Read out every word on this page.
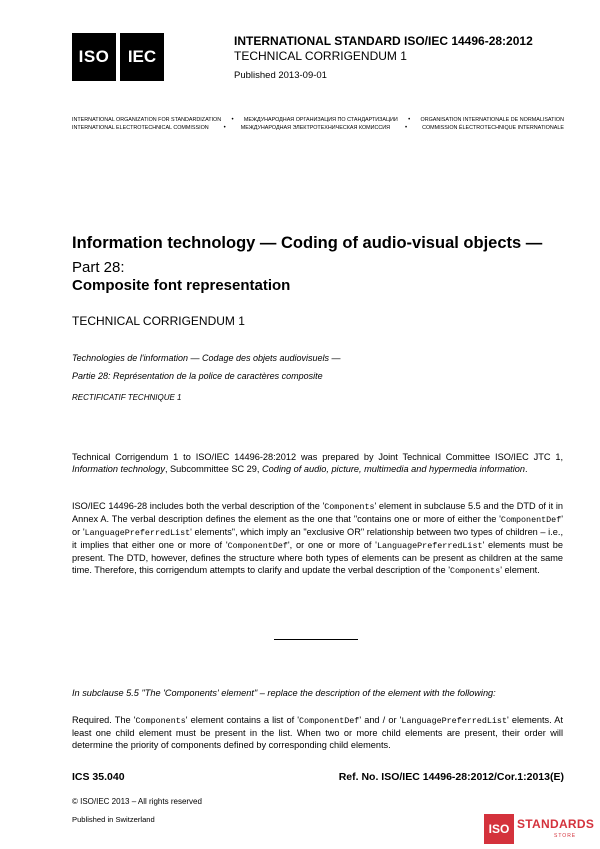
ISO	IEC
INTERNATIONAL STANDARD ISO/IEC 14496-28:2012
TECHNICAL CORRIGENDUM 1
Published 2013-09-01
INTERNATIONAL ORGANIZATION FOR STANDARDIZATION • МЕЖДУНАРОДНАЯ ОРГАНИЗАЦИЯ ПО СТАНДАРТИЗАЦИИ • ORGANISATION INTERNATIONALE DE NORMALISATION
INTERNATIONAL ELECTROTECHNICAL COMMISSION •	МЕЖДУНАРОДНАЯ ЭЛЕКТРОТЕХНИЧЕСКАЯ КОМИССИЯ •	COMMISSION ÉLECTROTECHNIQUE INTERNATIONALE
Information technology — Coding of audio-visual objects —
Part 28:
Composite font representation
TECHNICAL CORRIGENDUM 1
Technologies de l'information — Codage des objets audiovisuels —
Partie 28: Représentation de la police de caractères composite
RECTIFICATIF TECHNIQUE 1
Technical Corrigendum 1 to ISO/IEC 14496-28:2012 was prepared by Joint Technical Committee ISO/IEC JTC 1, Information technology, Subcommittee SC 29, Coding of audio, picture, multimedia and hypermedia information.
ISO/IEC 14496-28 includes both the verbal description of the 'Components' element in subclause 5.5 and the DTD of it in Annex A. The verbal description defines the element as the one that "contains one or more of either the 'ComponentDef' or 'LanguagePreferredList' elements", which imply an "exclusive OR" relationship between two types of children – i.e., it implies that either one or more of 'ComponentDef', or one or more of 'LanguagePreferredList' elements must be present. The DTD, however, defines the structure where both types of elements can be present as children at the same time. Therefore, this corrigendum attempts to clarify and update the verbal description of the 'Components' element.
In subclause 5.5 "The 'Components' element" – replace the description of the element with the following:
Required. The 'Components' element contains a list of 'ComponentDef' and / or 'LanguagePreferredList' elements. At least one child element must be present in the list. When two or more child elements are present, their order will determine the priority of components defined by corresponding child elements.
ICS 35.040	Ref. No. ISO/IEC 14496-28:2012/Cor.1:2013(E)
© ISO/IEC 2013 – All rights reserved
Published in Switzerland
ISO STANDARDS
STORE
